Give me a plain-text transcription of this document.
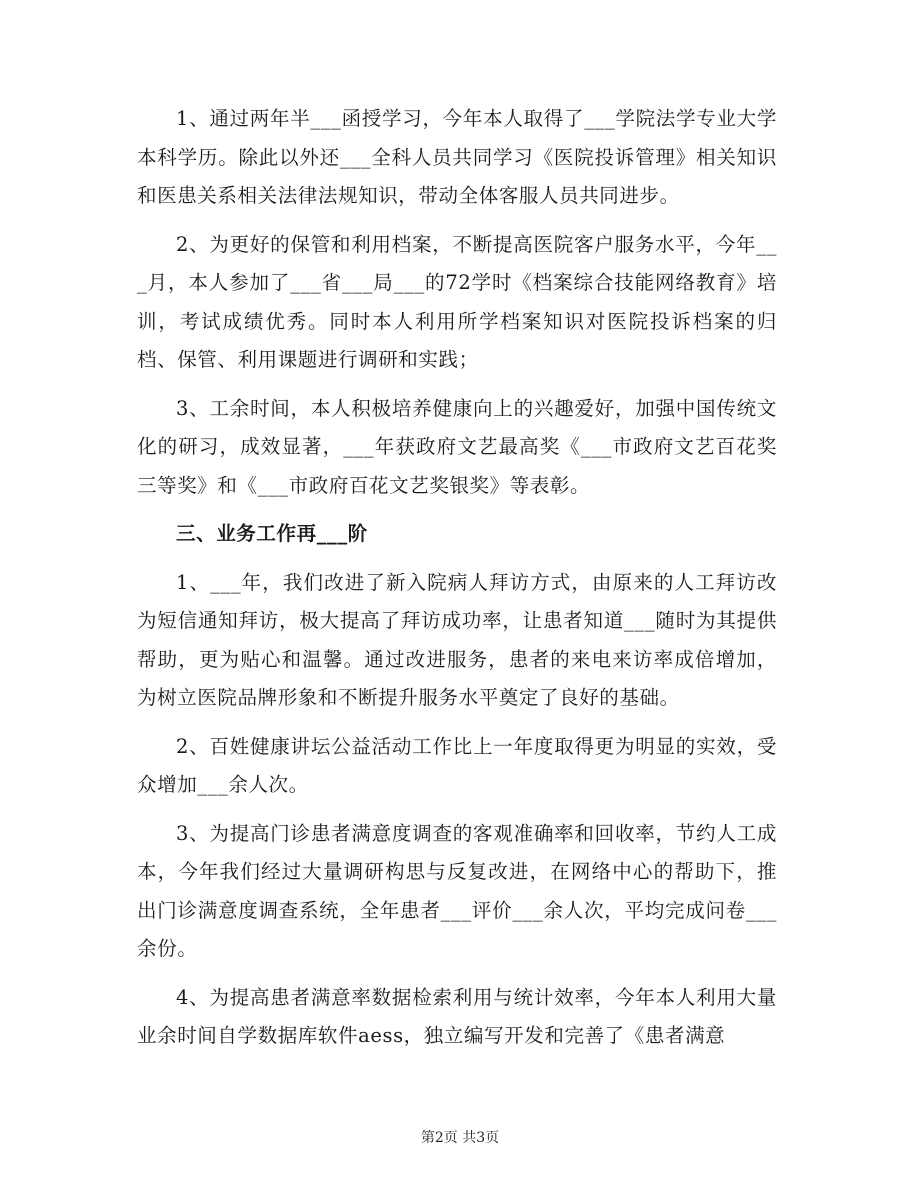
1、通过两年半___函授学习，今年本人取得了___学院法学专业大学本科学历。除此以外还___全科人员共同学习《医院投诉管理》相关知识和医患关系相关法律法规知识，带动全体客服人员共同进步。

2、为更好的保管和利用档案，不断提高医院客户服务水平，今年___月，本人参加了___省___局___的72学时《档案综合技能网络教育》培训，考试成绩优秀。同时本人利用所学档案知识对医院投诉档案的归档、保管、利用课题进行调研和实践；

3、工余时间，本人积极培养健康向上的兴趣爱好，加强中国传统文化的研习，成效显著，___年获政府文艺最高奖《___市政府文艺百花奖三等奖》和《___市政府百花文艺奖银奖》等表彰。

三、业务工作再___阶

1、___年，我们改进了新入院病人拜访方式，由原来的人工拜访改为短信通知拜访，极大提高了拜访成功率，让患者知道___随时为其提供帮助，更为贴心和温馨。通过改进服务，患者的来电来访率成倍增加，为树立医院品牌形象和不断提升服务水平奠定了良好的基础。

2、百姓健康讲坛公益活动工作比上一年度取得更为明显的实效，受众增加___余人次。

3、为提高门诊患者满意度调查的客观准确率和回收率，节约人工成本，今年我们经过大量调研构思与反复改进，在网络中心的帮助下，推出门诊满意度调查系统，全年患者___评价___余人次，平均完成问卷___余份。

4、为提高患者满意率数据检索利用与统计效率，今年本人利用大量业余时间自学数据库软件aess，独立编写开发和完善了《患者满意

第2页 共3页
